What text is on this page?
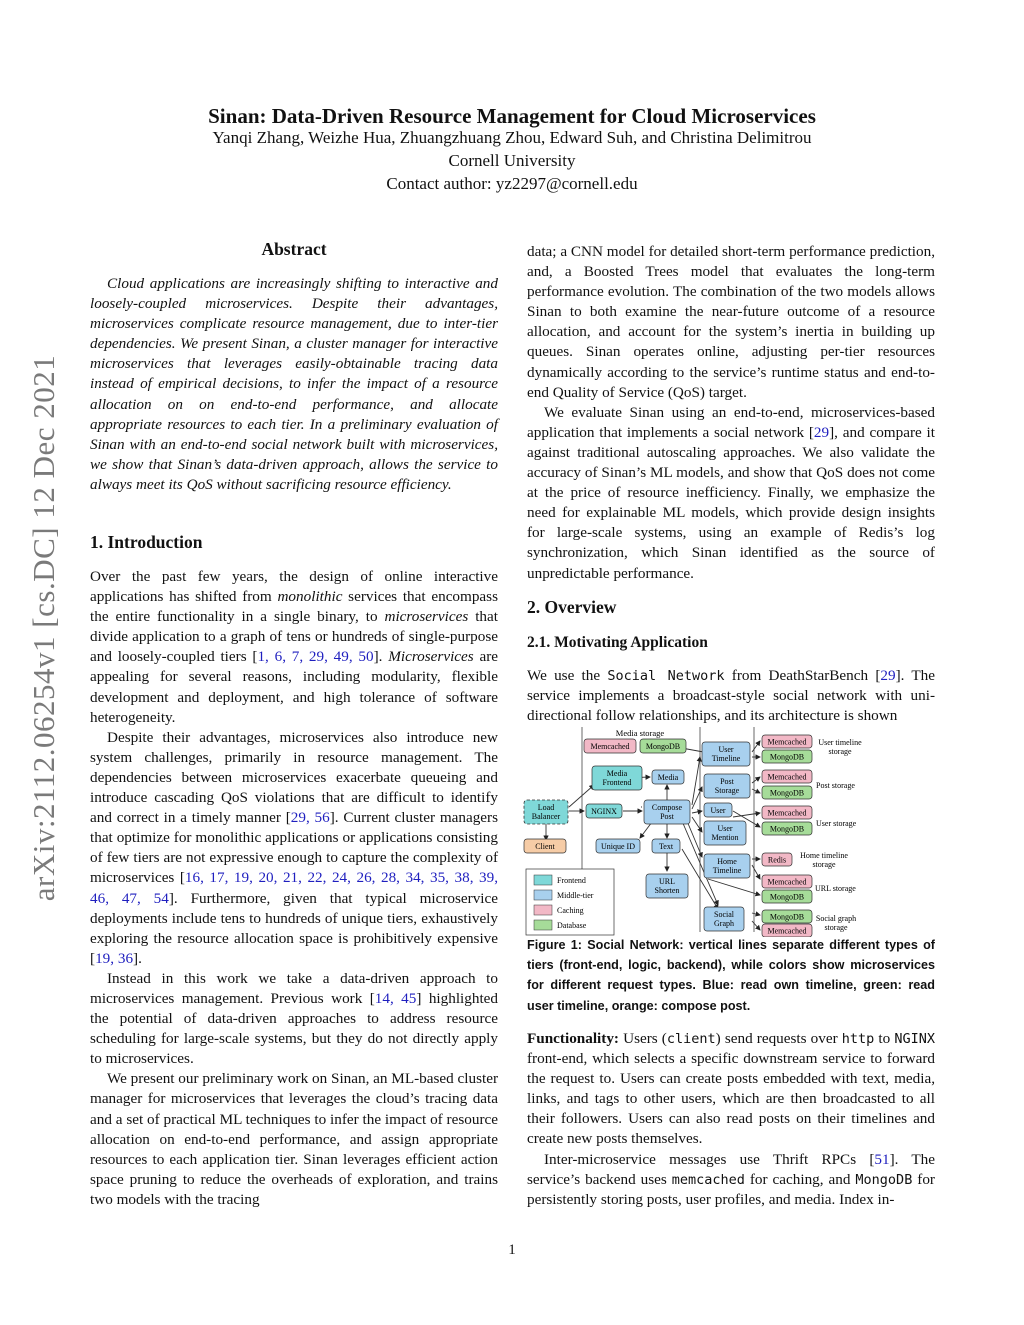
arXiv:2112.06254v1 [cs.DC] 12 Dec 2021
Sinan: Data-Driven Resource Management for Cloud Microservices
Yanqi Zhang, Weizhe Hua, Zhuangzhuang Zhou, Edward Suh, and Christina Delimitrou
Cornell University
Contact author: yz2297@cornell.edu
Abstract

Cloud applications are increasingly shifting to interactive and loosely-coupled microservices. Despite their advantages, microservices complicate resource management, due to inter-tier dependencies. We present Sinan, a cluster manager for interactive microservices that leverages easily-obtainable tracing data instead of empirical decisions, to infer the impact of a resource allocation on on end-to-end performance, and allocate appropriate resources to each tier. In a preliminary evaluation of Sinan with an end-to-end social network built with microservices, we show that Sinan’s data-driven approach, allows the service to always meet its QoS without sacrificing resource efficiency.

1. Introduction

Over the past few years, the design of online interactive applications has shifted from monolithic services that encompass the entire functionality in a single binary, to microservices that divide application to a graph of tens or hundreds of single-purpose and loosely-coupled tiers [1, 6, 7, 29, 49, 50]. Microservices are appealing for several reasons, including modularity, flexible development and deployment, and high tolerance of software heterogeneity.

Despite their advantages, microservices also introduce new system challenges, primarily in resource management. The dependencies between microservices exacerbate queueing and introduce cascading QoS violations that are difficult to identify and correct in a timely manner [29, 56]. Current cluster managers that optimize for monolithic applications or applications consisting of few tiers are not expressive enough to capture the complexity of microservices [16, 17, 19, 20, 21, 22, 24, 26, 28, 34, 35, 38, 39, 46, 47, 54]. Furthermore, given that typical microservice deployments include tens to hundreds of unique tiers, exhaustively exploring the resource allocation space is prohibitively expensive [19, 36].

Instead in this work we take a data-driven approach to microservices management. Previous work [14, 45] highlighted the potential of data-driven approaches to address resource scheduling for large-scale systems, but they do not directly apply to microservices.

We present our preliminary work on Sinan, an ML-based cluster manager for microservices that leverages the cloud’s tracing data and a set of practical ML techniques to infer the impact of resource allocation on end-to-end performance, and assign appropriate resources to each application tier. Sinan leverages efficient action space pruning to reduce the overheads of exploration, and trains two models with the tracing

data; a CNN model for detailed short-term performance prediction, and, a Boosted Trees model that evaluates the long-term performance evolution. The combination of the two models allows Sinan to both examine the near-future outcome of a resource allocation, and account for the system’s inertia in building up queues. Sinan operates online, adjusting per-tier resources dynamically according to the service’s runtime status and end-to-end Quality of Service (QoS) target.

We evaluate Sinan using an end-to-end, microservices-based application that implements a social network [29], and compare it against traditional autoscaling approaches. We also validate the accuracy of Sinan’s ML models, and show that QoS does not come at the price of resource inefficiency. Finally, we emphasize the need for explainable ML models, which provide design insights for large-scale systems, using an example of Redis’s log synchronization, which Sinan identified as the source of unpredictable performance.

2. Overview
2.1. Motivating Application

We use the Social Network from DeathStarBench [29]. The service implements a broadcast-style social network with uni-directional follow relationships, and its architecture is shown

Media storage
Memcached MongoDB
Media
Frontend
Media
User
Timeline
Post
Storage
Load
Balancer
NGINX	Compose
Post
User
User
Mention
Client	Unique ID	Text
Home
Timeline
URL
Shorten
Social
Graph
Memcached
MongoDB
Memcached
MongoDB
Memcached
MongoDB
Redis
Memcached
MongoDB
MongoDB
Memcached
User timeline
storage
Post storage
User storage
Home timeline
storage
URL storage
Social graph
storage
Frontend
Middle-tier
Caching
Database
Figure 1: Social Network: vertical lines separate different types of tiers (front-end, logic, backend), while colors show microservices for different request types. Blue: read own timeline, green: read user timeline, orange: compose post.

Functionality: Users (client) send requests over http to NGINX front-end, which selects a specific downstream service to forward the request to. Users can create posts embedded with text, media, links, and tags to other users, which are then broadcasted to all their followers. Users can also read posts on their timelines and create new posts themselves.

Inter-microservice messages use Thrift RPCs [51]. The service’s backend uses memcached for caching, and MongoDB for persistently storing posts, user profiles, and media. Index in-

1
